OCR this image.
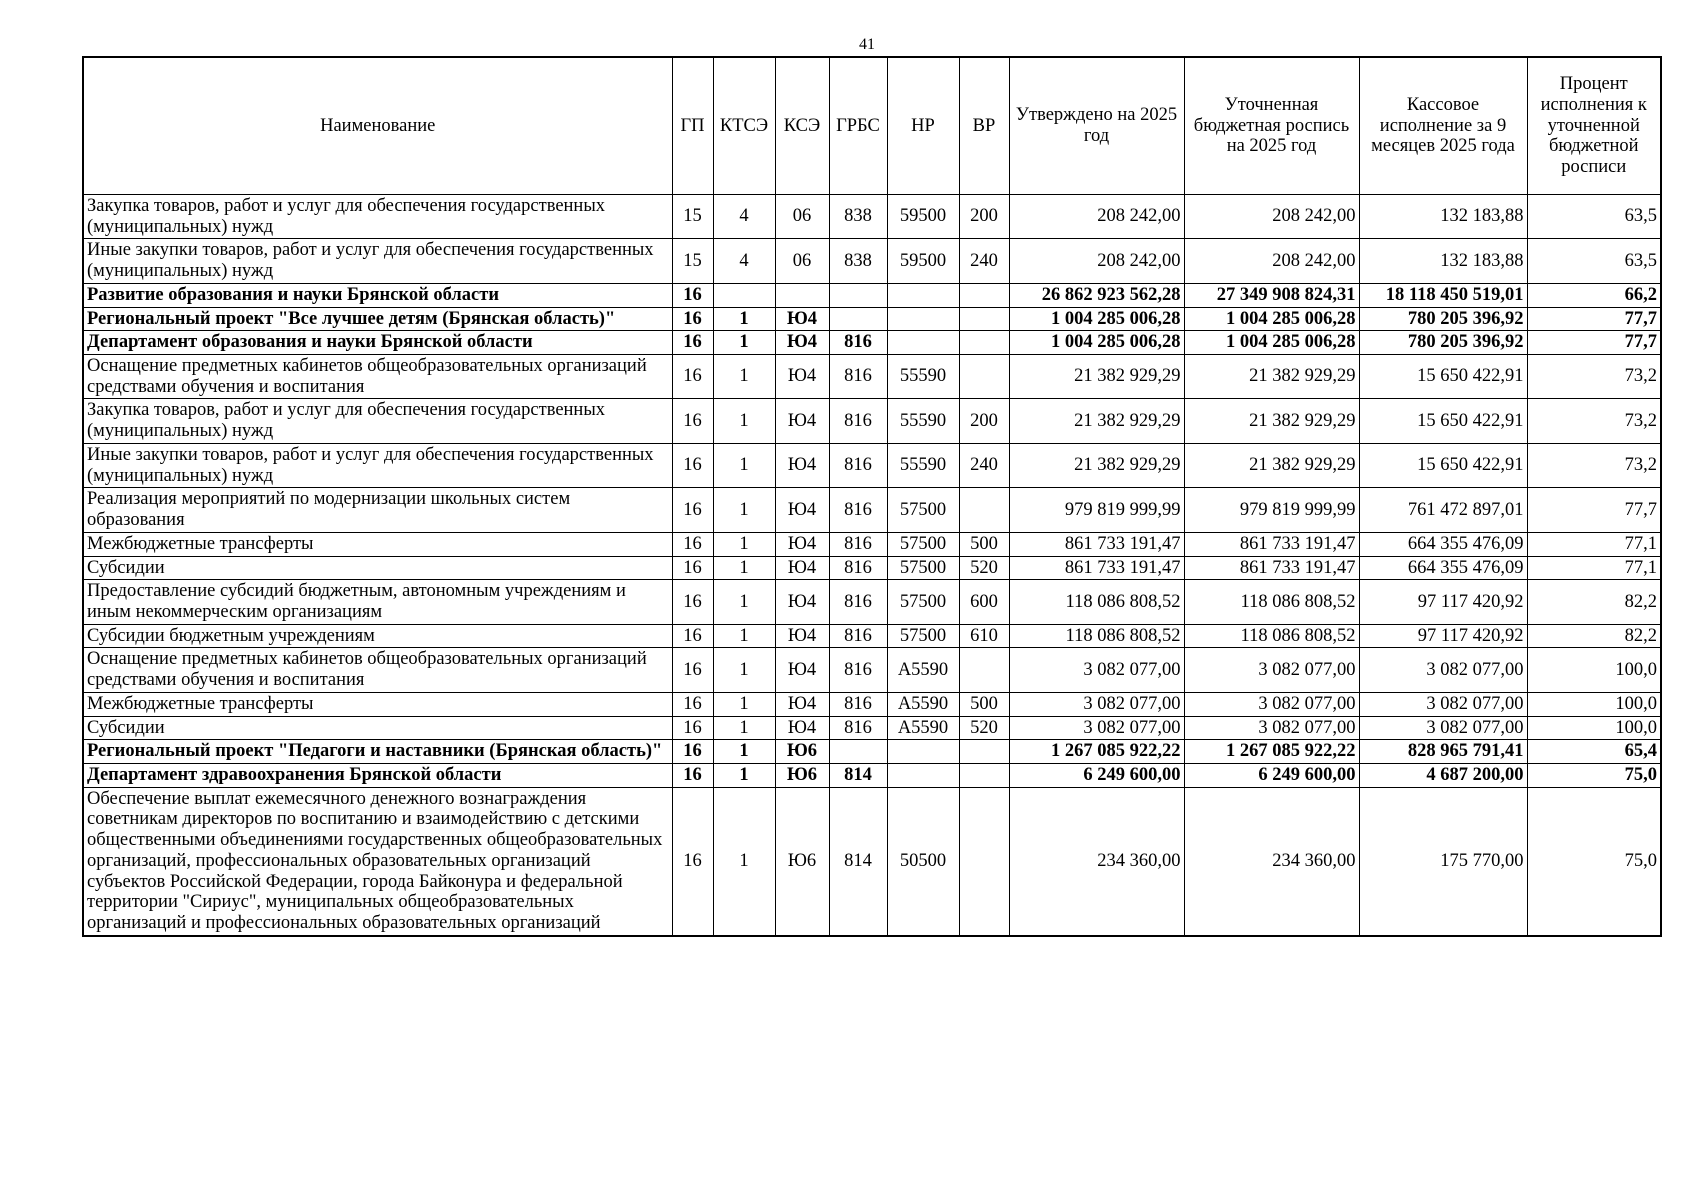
41
Наименование	ГП	КТСЭ	КСЭ	ГРБС	НР	ВР	Утверждено на 2025 год	Уточненная бюджетная роспись на 2025 год	Кассовое исполнение за 9 месяцев 2025 года	Процент исполнения к уточненной бюджетной росписи
Закупка товаров, работ и услуг для обеспечения государственных (муниципальных) нужд	15	4	06	838	59500	200	208 242,00	208 242,00	132 183,88	63,5
Иные закупки товаров, работ и услуг для обеспечения государственных (муниципальных) нужд	15	4	06	838	59500	240	208 242,00	208 242,00	132 183,88	63,5
Развитие образования и науки Брянской области	16						26 862 923 562,28	27 349 908 824,31	18 118 450 519,01	66,2
Региональный проект "Все лучшее детям (Брянская область)"	16	1	Ю4				1 004 285 006,28	1 004 285 006,28	780 205 396,92	77,7
Департамент образования и науки Брянской области	16	1	Ю4	816			1 004 285 006,28	1 004 285 006,28	780 205 396,92	77,7
Оснащение предметных кабинетов общеобразовательных организаций средствами обучения и воспитания	16	1	Ю4	816	55590		21 382 929,29	21 382 929,29	15 650 422,91	73,2
Закупка товаров, работ и услуг для обеспечения государственных (муниципальных) нужд	16	1	Ю4	816	55590	200	21 382 929,29	21 382 929,29	15 650 422,91	73,2
Иные закупки товаров, работ и услуг для обеспечения государственных (муниципальных) нужд	16	1	Ю4	816	55590	240	21 382 929,29	21 382 929,29	15 650 422,91	73,2
Реализация мероприятий по модернизации школьных систем образования	16	1	Ю4	816	57500		979 819 999,99	979 819 999,99	761 472 897,01	77,7
Межбюджетные трансферты	16	1	Ю4	816	57500	500	861 733 191,47	861 733 191,47	664 355 476,09	77,1
Субсидии	16	1	Ю4	816	57500	520	861 733 191,47	861 733 191,47	664 355 476,09	77,1
Предоставление субсидий бюджетным, автономным учреждениям и иным некоммерческим организациям	16	1	Ю4	816	57500	600	118 086 808,52	118 086 808,52	97 117 420,92	82,2
Субсидии бюджетным учреждениям	16	1	Ю4	816	57500	610	118 086 808,52	118 086 808,52	97 117 420,92	82,2
Оснащение предметных кабинетов общеобразовательных организаций средствами обучения и воспитания	16	1	Ю4	816	А5590		3 082 077,00	3 082 077,00	3 082 077,00	100,0
Межбюджетные трансферты	16	1	Ю4	816	А5590	500	3 082 077,00	3 082 077,00	3 082 077,00	100,0
Субсидии	16	1	Ю4	816	А5590	520	3 082 077,00	3 082 077,00	3 082 077,00	100,0
Региональный проект "Педагоги и наставники (Брянская область)"	16	1	Ю6				1 267 085 922,22	1 267 085 922,22	828 965 791,41	65,4
Департамент здравоохранения Брянской области	16	1	Ю6	814			6 249 600,00	6 249 600,00	4 687 200,00	75,0
Обеспечение выплат ежемесячного денежного вознаграждения советникам директоров по воспитанию и взаимодействию с детскими общественными объединениями государственных общеобразовательных организаций, профессиональных образовательных организаций субъектов Российской Федерации, города Байконура и федеральной территории "Сириус", муниципальных общеобразовательных организаций и профессиональных образовательных организаций	16	1	Ю6	814	50500		234 360,00	234 360,00	175 770,00	75,0
